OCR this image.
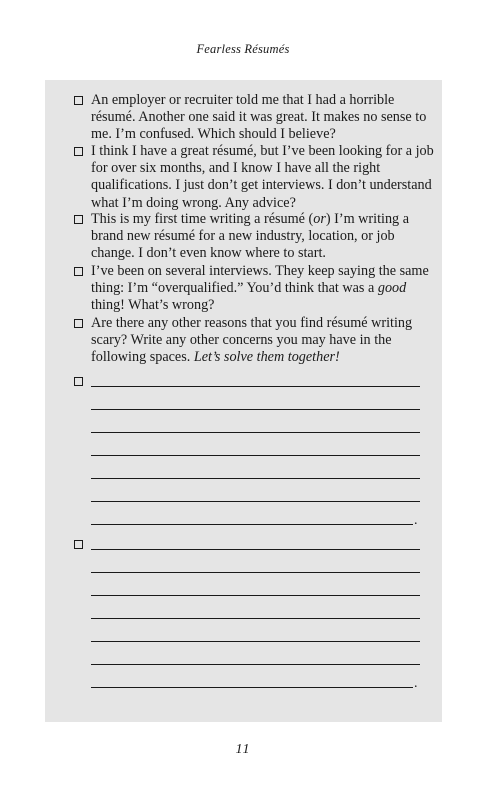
Fearless Résumés
An employer or recruiter told me that I had a horrible résumé. Another one said it was great. It makes no sense to me. I’m confused. Which should I believe?
I think I have a great résumé, but I’ve been looking for a job for over six months, and I know I have all the right qualifications. I just don’t get interviews. I don’t understand what I’m doing wrong. Any advice?
This is my first time writing a résumé (or) I’m writing a brand new résumé for a new industry, location, or job change. I don’t even know where to start.
I’ve been on several interviews. They keep saying the same thing: I’m “overqualified.” You’d think that was a good thing! What’s wrong?
Are there any other reasons that you find résumé writing scary? Write any other concerns you may have in the following spaces. Let’s solve them together!
.
.
11
